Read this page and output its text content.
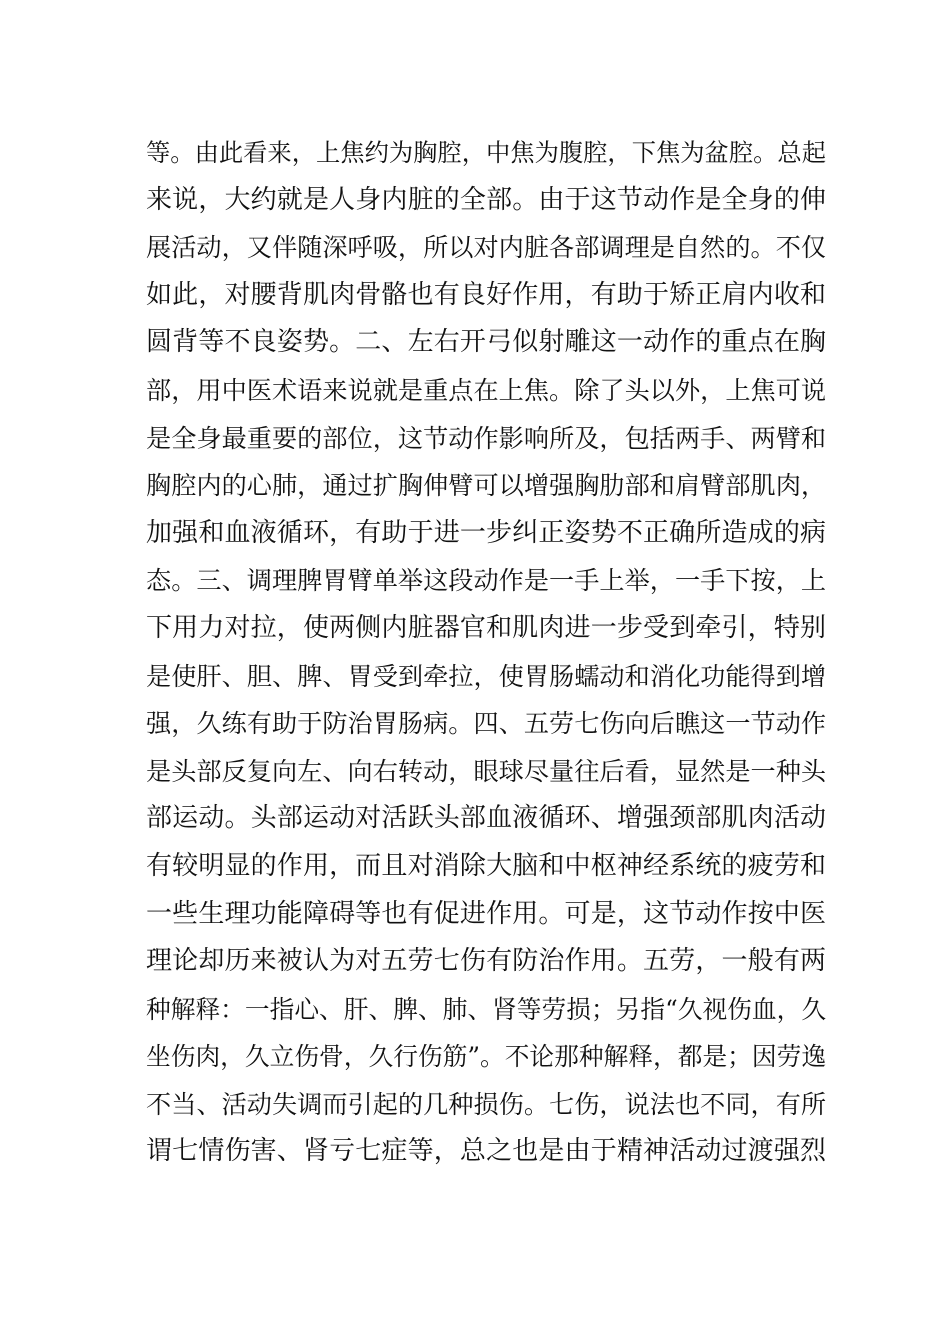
等。由此看来，上焦约为胸腔，中焦为腹腔，下焦为盆腔。总起
来说，大约就是人身内脏的全部。由于这节动作是全身的伸
展活动，又伴随深呼吸，所以对内脏各部调理是自然的。不仅
如此，对腰背肌肉骨骼也有良好作用，有助于矫正肩内收和
圆背等不良姿势。二、左右开弓似射雕这一动作的重点在胸
部，用中医术语来说就是重点在上焦。除了头以外，上焦可说
是全身最重要的部位，这节动作影响所及，包括两手、两臂和
胸腔内的心肺，通过扩胸伸臂可以增强胸肋部和肩臂部肌肉，
加强和血液循环，有助于进一步纠正姿势不正确所造成的病
态。三、调理脾胃臂单举这段动作是一手上举，一手下按，上
下用力对拉，使两侧内脏器官和肌肉进一步受到牵引，特别
是使肝、胆、脾、胃受到牵拉，使胃肠蠕动和消化功能得到增
强，久练有助于防治胃肠病。四、五劳七伤向后瞧这一节动作
是头部反复向左、向右转动，眼球尽量往后看，显然是一种头
部运动。头部运动对活跃头部血液循环、增强颈部肌肉活动
有较明显的作用，而且对消除大脑和中枢神经系统的疲劳和
一些生理功能障碍等也有促进作用。可是，这节动作按中医
理论却历来被认为对五劳七伤有防治作用。五劳，一般有两
种解释：一指心、肝、脾、肺、肾等劳损；另指“久视伤血，久
坐伤肉，久立伤骨，久行伤筋”。不论那种解释，都是；因劳逸
不当、活动失调而引起的几种损伤。七伤，说法也不同，有所
谓七情伤害、肾亏七症等，总之也是由于精神活动过渡强烈
